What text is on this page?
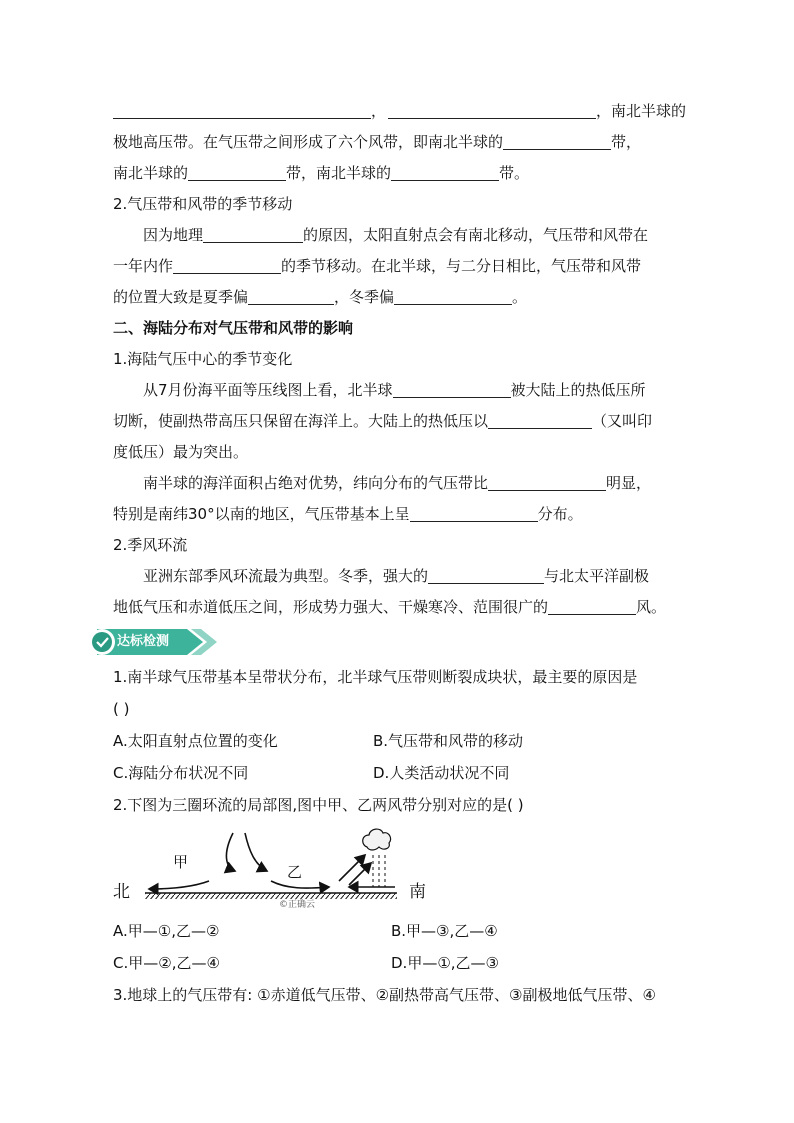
，	，南北半球的
极地高压带。在气压带之间形成了六个风带，即南北半球的	带，
南北半球的	带，南北半球的	带。
2.气压带和风带的季节移动
因为地理	的原因，太阳直射点会有南北移动，气压带和风带在
一年内作	的季节移动。在北半球，与二分日相比，气压带和风带
的位置大致是夏季偏	，冬季偏	。
二、海陆分布对气压带和风带的影响
1.海陆气压中心的季节变化
从7月份海平面等压线图上看，北半球	被大陆上的热低压所
切断，使副热带高压只保留在海洋上。大陆上的热低压以	（又叫印
度低压）最为突出。
南半球的海洋面积占绝对优势，纬向分布的气压带比	明显，
特别是南纬30°以南的地区，气压带基本上呈	分布。
2.季风环流
亚洲东部季风环流最为典型。冬季，强大的	与北太平洋副极
地低气压和赤道低压之间，形成势力强大、干燥寒冷、范围很广的	风。
达标检测
1.南半球气压带基本呈带状分布，北半球气压带则断裂成块状，最主要的原因是
( )
A.太阳直射点位置的变化	B.气压带和风带的移动
C.海陆分布状况不同	D.人类活动状况不同
2.下图为三圈环流的局部图,图中甲、乙两风带分别对应的是( )
北	南
甲
乙
©正确云
A.甲—①,乙—②	B.甲—③,乙—④
C.甲—②,乙—④	D.甲—①,乙—③
3.地球上的气压带有: ①赤道低气压带、②副热带高气压带、③副极地低气压带、④
